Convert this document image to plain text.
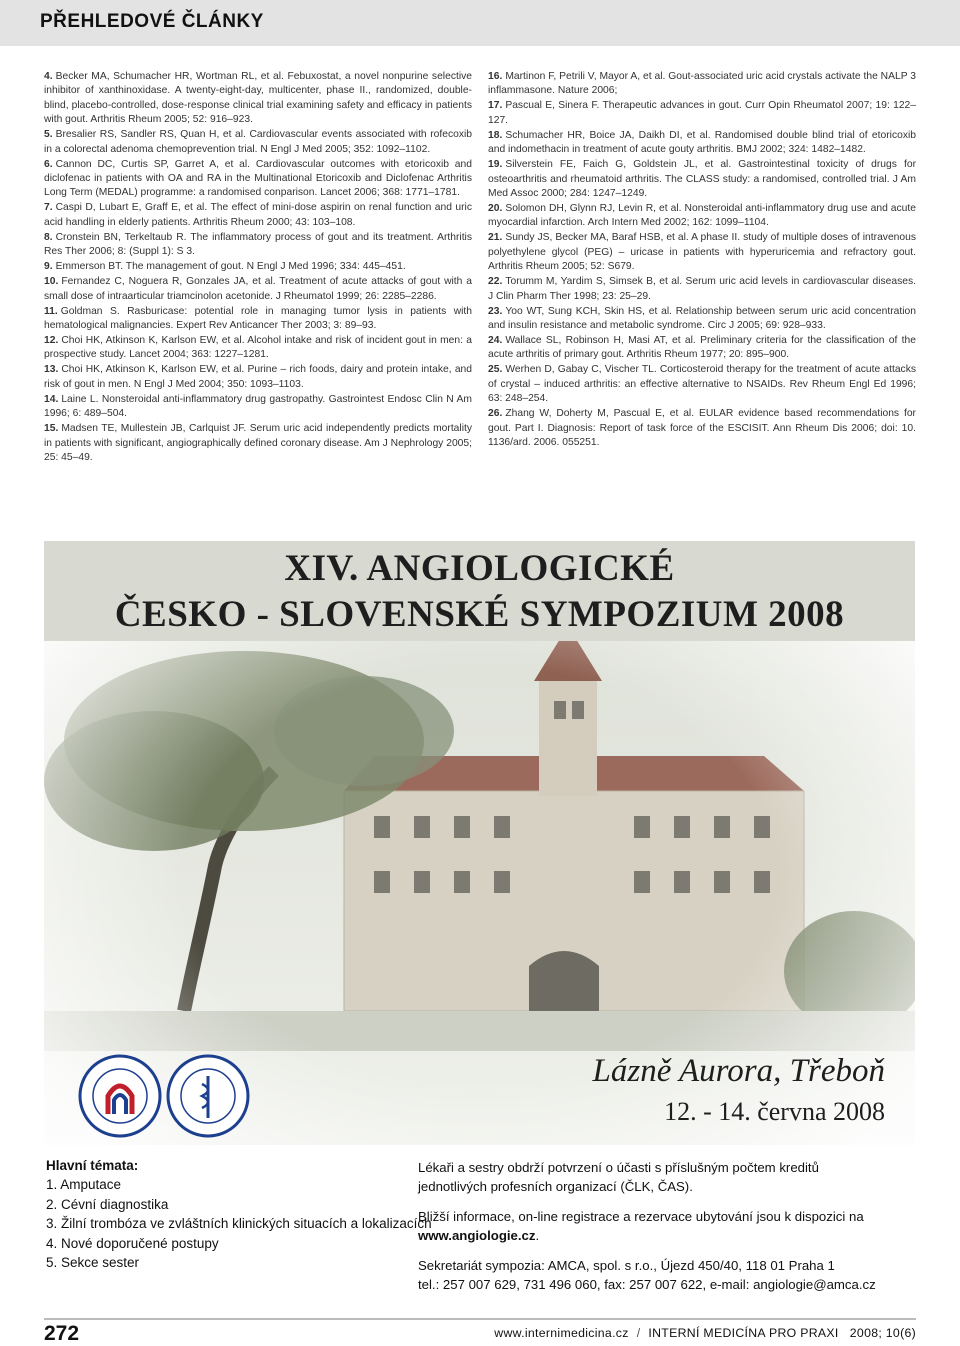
PŘEHLEDOVÉ ČLÁNKY

4. Becker MA, Schumacher HR, Wortman RL, et al. Febuxostat, a novel nonpurine selective inhibitor of xanthinoxidase. A twenty-eight-day, multicenter, phase II., randomized, double-blind, placebo-controlled, dose-response clinical trial examining safety and efficacy in patients with gout. Arthritis Rheum 2005; 52: 916–923.

5. Bresalier RS, Sandler RS, Quan H, et al. Cardiovascular events associated with rofecoxib in a colorectal adenoma chemoprevention trial. N Engl J Med 2005; 352: 1092–1102.

6. Cannon DC, Curtis SP, Garret A, et al. Cardiovascular outcomes with etoricoxib and diclofenac in patients with OA and RA in the Multinational Etoricoxib and Diclofenac Arthritis Long Term (MEDAL) programme: a randomised conparison. Lancet 2006; 368: 1771–1781.

7. Caspi D, Lubart E, Graff E, et al. The effect of mini-dose aspirin on renal function and uric acid handling in elderly patients. Arthritis Rheum 2000; 43: 103–108.

8. Cronstein BN, Terkeltaub R. The inflammatory process of gout and its treatment. Arthritis Res Ther 2006; 8: (Suppl 1): S 3.

9. Emmerson BT. The management of gout. N Engl J Med 1996; 334: 445–451.

10. Fernandez C, Noguera R, Gonzales JA, et al. Treatment of acute attacks of gout with a small dose of intraarticular triamcinolon acetonide. J Rheumatol 1999; 26: 2285–2286.

11. Goldman S. Rasburicase: potential role in managing tumor lysis in patients with hematological malignancies. Expert Rev Anticancer Ther 2003; 3: 89–93.

12. Choi HK, Atkinson K, Karlson EW, et al. Alcohol intake and risk of incident gout in men: a prospective study. Lancet 2004; 363: 1227–1281.

13. Choi HK, Atkinson K, Karlson EW, et al. Purine – rich foods, dairy and protein intake, and risk of gout in men. N Engl J Med 2004; 350: 1093–1103.

14. Laine L. Nonsteroidal anti-inflammatory drug gastropathy. Gastrointest Endosc Clin N Am 1996; 6: 489–504.

15. Madsen TE, Mullestein JB, Carlquist JF. Serum uric acid independently predicts mortality in patients with significant, angiographically defined coronary disease. Am J Nephrology 2005; 25: 45–49.

16. Martinon F, Petrili V, Mayor A, et al. Gout-associated uric acid crystals activate the NALP 3 inflammasone. Nature 2006;

17. Pascual E, Sinera F. Therapeutic advances in gout. Curr Opin Rheumatol 2007; 19: 122–127.

18. Schumacher HR, Boice JA, Daikh DI, et al. Randomised double blind trial of etoricoxib and indomethacin in treatment of acute gouty arthritis. BMJ 2002; 324: 1482–1482.

19. Silverstein FE, Faich G, Goldstein JL, et al. Gastrointestinal toxicity of drugs for osteoarthritis and rheumatoid arthritis. The CLASS study: a randomised, controlled trial. J Am Med Assoc 2000; 284: 1247–1249.

20. Solomon DH, Glynn RJ, Levin R, et al. Nonsteroidal anti-inflammatory drug use and acute myocardial infarction. Arch Intern Med 2002; 162: 1099–1104.

21. Sundy JS, Becker MA, Baraf HSB, et al. A phase II. study of multiple doses of intravenous polyethylene glycol (PEG) – uricase in patients with hyperuricemia and refractory gout. Arthritis Rheum 2005; 52: S679.

22. Torumm M, Yardim S, Simsek B, et al. Serum uric acid levels in cardiovascular diseases. J Clin Pharm Ther 1998; 23: 25–29.

23. Yoo WT, Sung KCH, Skin HS, et al. Relationship between serum uric acid concentration and insulin resistance and metabolic syndrome. Circ J 2005; 69: 928–933.

24. Wallace SL, Robinson H, Masi AT, et al. Preliminary criteria for the classification of the acute arthritis of primary gout. Arthritis Rheum 1977; 20: 895–900.

25. Werhen D, Gabay C, Vischer TL. Corticosteroid therapy for the treatment of acute attacks of crystal – induced arthritis: an effective alternative to NSAIDs. Rev Rheum Engl Ed 1996; 63: 248–254.

26. Zhang W, Doherty M, Pascual E, et al. EULAR evidence based recommendations for gout. Part I. Diagnosis: Report of task force of the ESCISIT. Ann Rheum Dis 2006; doi: 10. 1136/ard. 2006. 055251.

XIV. ANGIOLOGICKÉ
ČESKO - SLOVENSKÉ SYMPOZIUM 2008
Lázně Aurora, Třeboň
12. - 14. června 2008
Hlavní témata:
1. Amputace
2. Cévní diagnostika
3. Žilní trombóza ve zvláštních klinických situacích a lokalizacích
4. Nové doporučené postupy
5. Sekce sester

Lékaři a sestry obdrží potvrzení o účasti s příslušným počtem kreditů

jednotlivých profesních organizací (ČLK, ČAS).

Bližší informace, on-line registrace a rezervace ubytování jsou k dispozici na www.angiologie.cz.

Sekretariát sympozia: AMCA, spol. s r.o., Újezd 450/40, 118 01 Praha 1

tel.: 257 007 629, 731 496 060, fax: 257 007 622, e-mail: angiologie@amca.cz

272	www.internimedicina.cz / INTERNÍ MEDICÍNA PRO PRAXI 2008; 10(6)
